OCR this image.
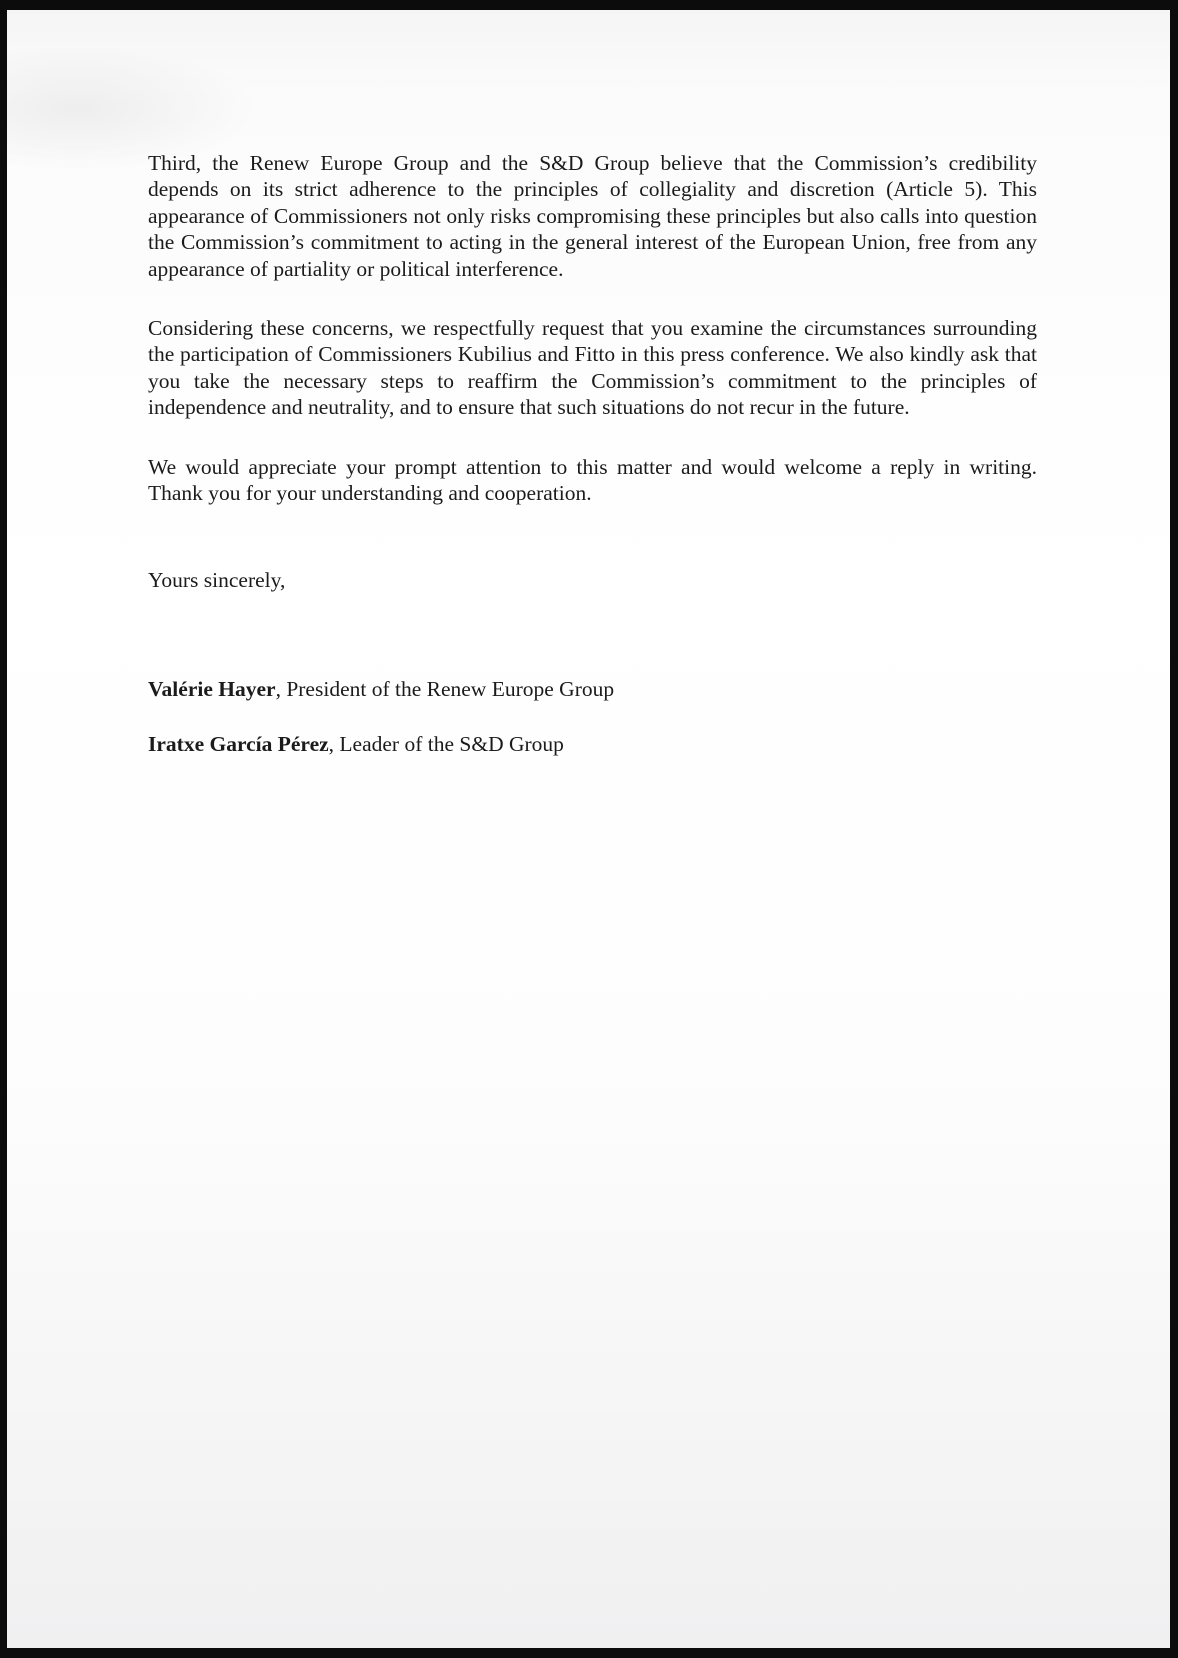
Third, the Renew Europe Group and the S&D Group believe that the Commission’s credibility depends on its strict adherence to the principles of collegiality and discretion (Article 5). This appearance of Commissioners not only risks compromising these principles but also calls into question the Commission’s commitment to acting in the general interest of the European Union, free from any appearance of partiality or political interference.

Considering these concerns, we respectfully request that you examine the circumstances surrounding the participation of Commissioners Kubilius and Fitto in this press conference. We also kindly ask that you take the necessary steps to reaffirm the Commission’s commitment to the principles of independence and neutrality, and to ensure that such situations do not recur in the future.

We would appreciate your prompt attention to this matter and would welcome a reply in writing. Thank you for your understanding and cooperation.

Yours sincerely,

Valérie Hayer, President of the Renew Europe Group

Iratxe García Pérez, Leader of the S&D Group
